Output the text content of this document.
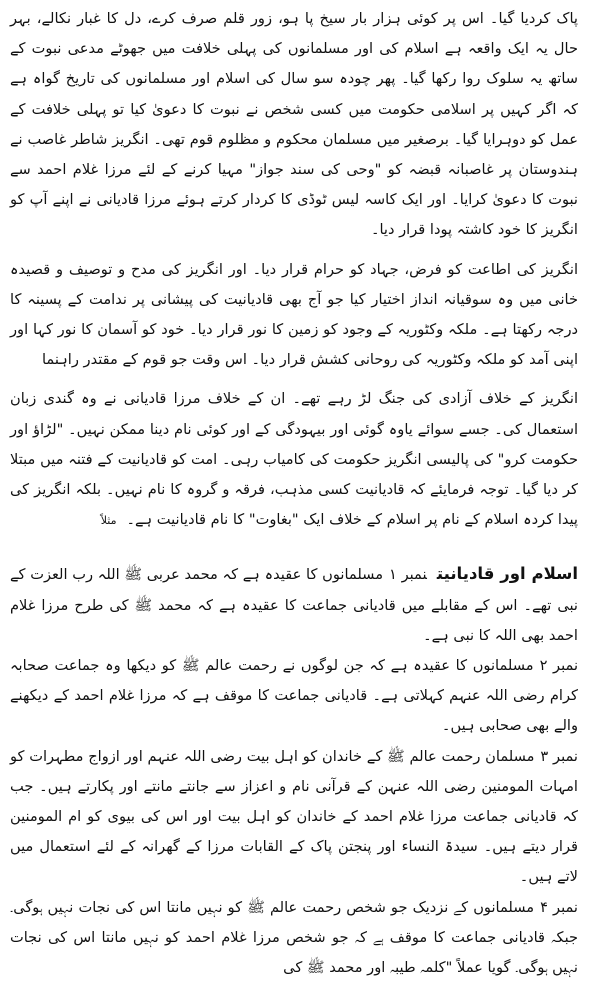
پاک کردیا گیا۔ اس پر کوئی ہزار بار سیخ پا ہو، زور قلم صرف کرے، دل کا غبار نکالے، بہر حال یہ ایک واقعہ ہے اسلام کی اور مسلمانوں کی پہلی خلافت میں جھوٹے مدعی نبوت کے ساتھ یہ سلوک روا رکھا گیا۔ پھر چودہ سو سال کی اسلام اور مسلمانوں کی تاریخ گواہ ہے کہ اگر کہیں پر اسلامی حکومت میں کسی شخص نے نبوت کا دعویٰ کیا تو پہلی خلافت کے عمل کو دوہرایا گیا۔ برصغیر میں مسلمان محکوم و مظلوم قوم تھی۔ انگریز شاطر غاصب نے ہندوستان پر غاصبانہ قبضہ کو "وحی کی سند جواز" مہیا کرنے کے لئے مرزا غلام احمد سے نبوت کا دعویٰ کرایا۔ اور ایک کاسہ لیس ٹوڈی کا کردار کرتے ہوئے مرزا قادیانی نے اپنے آپ کو انگریز کا خود کاشتہ پودا قرار دیا۔

انگریز کی اطاعت کو فرض، جہاد کو حرام قرار دیا۔ اور انگریز کی مدح و توصیف و قصیدہ خانی میں وہ سوقیانہ انداز اختیار کیا جو آج بھی قادیانیت کی پیشانی پر ندامت کے پسینہ کا درجہ رکھتا ہے۔ ملکہ وکٹوریہ کے وجود کو زمین کا نور قرار دیا۔ خود کو آسمان کا نور کہا اور اپنی آمد کو ملکہ وکٹوریہ کی روحانی کشش قرار دیا۔ اس وقت جو قوم کے مقتدر راہنما

انگریز کے خلاف آزادی کی جنگ لڑ رہے تھے۔ ان کے خلاف مرزا قادیانی نے وہ گندی زبان استعمال کی۔ جسے سوائے یاوہ گوئی اور بیہودگی کے اور کوئی نام دینا ممکن نہیں۔ "لڑاؤ اور حکومت کرو" کی پالیسی انگریز حکومت کی کامیاب رہی۔ امت کو قادیانیت کے فتنہ میں مبتلا کر دیا گیا۔ توجہ فرمایئے کہ قادیانیت کسی مذہب، فرقہ و گروہ کا نام نہیں۔ بلکہ انگریز کی پیدا کردہ اسلام کے نام پر اسلام کے خلاف ایک "بغاوت" کا نام قادیانیت ہے۔مثلاً

اسلام اور قادیانیتنمبر ۱مسلمانوں کا عقیدہ ہے کہ محمد عربی ﷺ اللہ رب العزت کے نبی تھے۔ اس کے مقابلے میں قادیانی جماعت کا عقیدہ ہے کہ محمد ﷺ کی طرح مرزا غلام احمد بھی اللہ کا نبی ہے۔

نمبر ۲مسلمانوں کا عقیدہ ہے کہ جن لوگوں نے رحمت عالم ﷺ کو دیکھا وہ جماعت صحابہ کرام رضی اللہ عنہم کہلاتی ہے۔ قادیانی جماعت کا موقف ہے کہ مرزا غلام احمد کے دیکھنے والے بھی صحابی ہیں۔

نمبر ۳مسلمان رحمت عالم ﷺ کے خاندان کو اہل بیت رضی اللہ عنہم اور ازواج مطہرات کو امہات المومنین رضی اللہ عنہن کے قرآنی نام و اعزاز سے جانتے مانتے اور پکارتے ہیں۔ جب کہ قادیانی جماعت مرزا غلام احمد کے خاندان کو اہل بیت اور اس کی بیوی کو ام المومنین قرار دیتے ہیں۔ سیدۃ النساء اور پنجتن پاک کے القابات مرزا کے گھرانہ کے لئے استعمال میں لاتے ہیں۔

نمبر ۴مسلمانوں کے نزدیک جو شخص رحمت عالم ﷺ کو نہیں مانتا اس کی نجات نہیں ہوگی۔ جبکہ قادیانی جماعت کا موقف ہے کہ جو شخص مرزا غلام احمد کو نہیں مانتا اس کی نجات نہیں ہوگی۔ گویا عملاً "کلمہ طیبہ اور محمد ﷺ کی
